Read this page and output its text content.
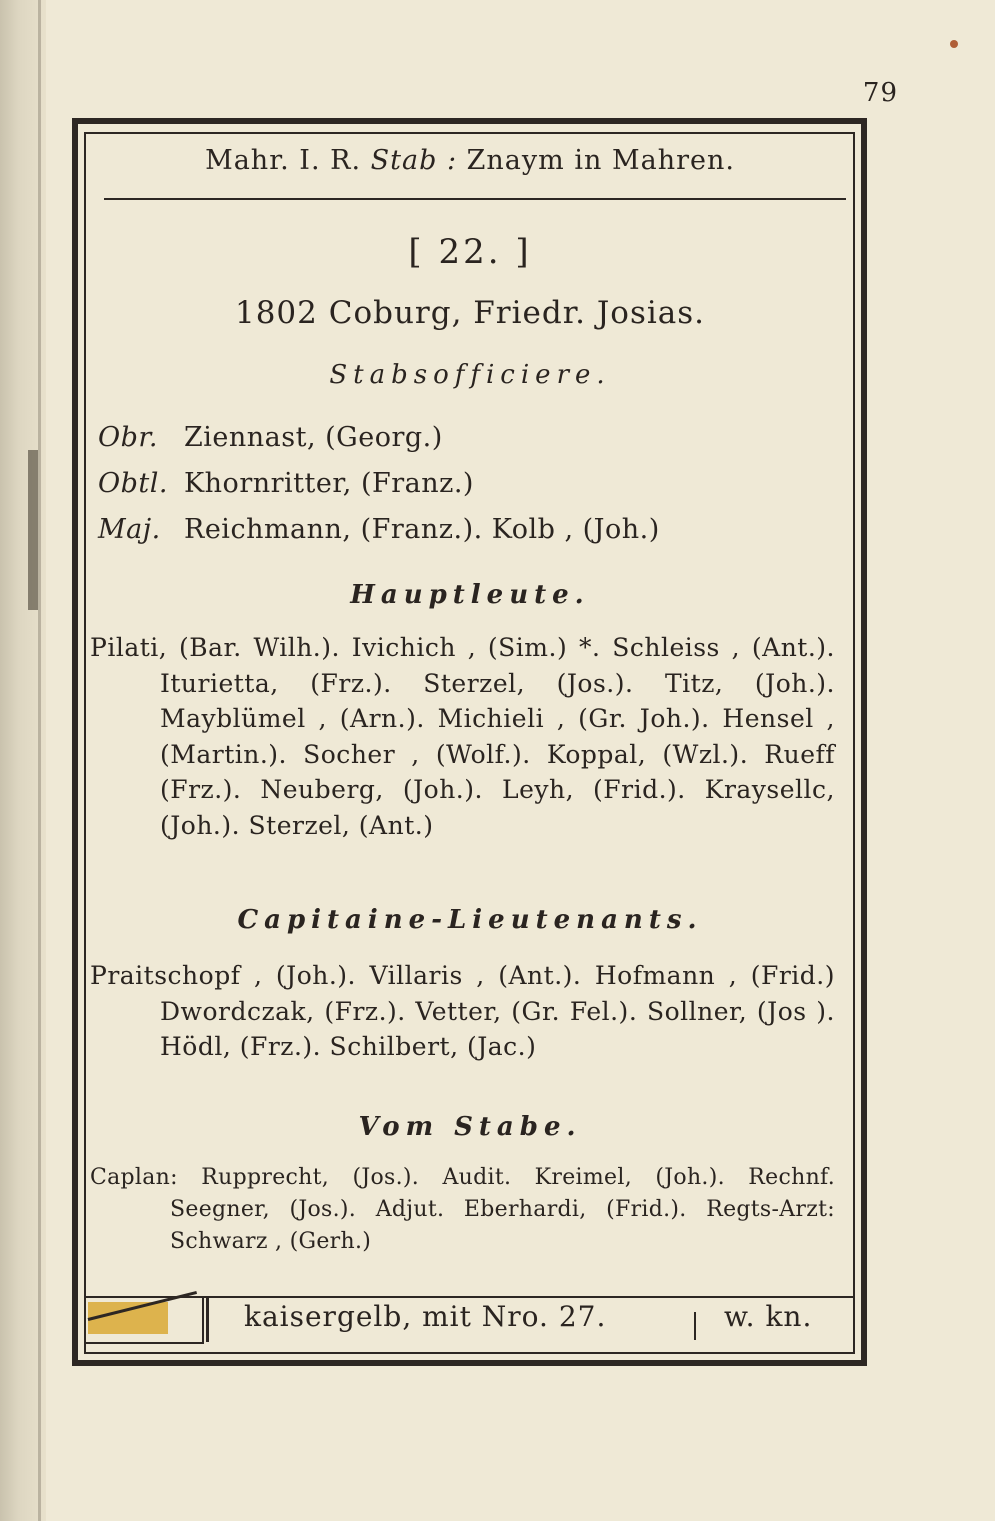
79
Mahr. I. R. Stab : Znaym in Mahren.
[ 22. ]
1802 Coburg, Friedr. Josias.
Stabsofficiere.
Obr. Ziennast, (Georg.)
Obtl. Khornritter, (Franz.)
Maj. Reichmann, (Franz.). Kolb , (Joh.)
Hauptleute.
Pilati, (Bar. Wilh.). Ivichich , (Sim.) *. Schleiss , (Ant.). Iturietta, (Frz.). Sterzel, (Jos.). Titz, (Joh.). Mayblümel , (Arn.). Michieli , (Gr. Joh.). Hensel , (Martin.). Socher , (Wolf.). Koppal, (Wzl.). Rueff (Frz.). Neuberg, (Joh.). Leyh, (Frid.). Kraysellc, (Joh.). Sterzel, (Ant.)
Capitaine-Lieutenants.
Praitschopf , (Joh.). Villaris , (Ant.). Hofmann , (Frid.) Dwordczak, (Frz.). Vetter, (Gr. Fel.). Sollner, (Jos ). Hödl, (Frz.). Schilbert, (Jac.)
Vom Stabe.
Caplan: Rupprecht, (Jos.). Audit. Kreimel, (Joh.). Rechnf. Seegner, (Jos.). Adjut. Eberhardi, (Frid.). Regts-Arzt: Schwarz , (Gerh.)
kaisergelb, mit Nro. 27.	w. kn.
